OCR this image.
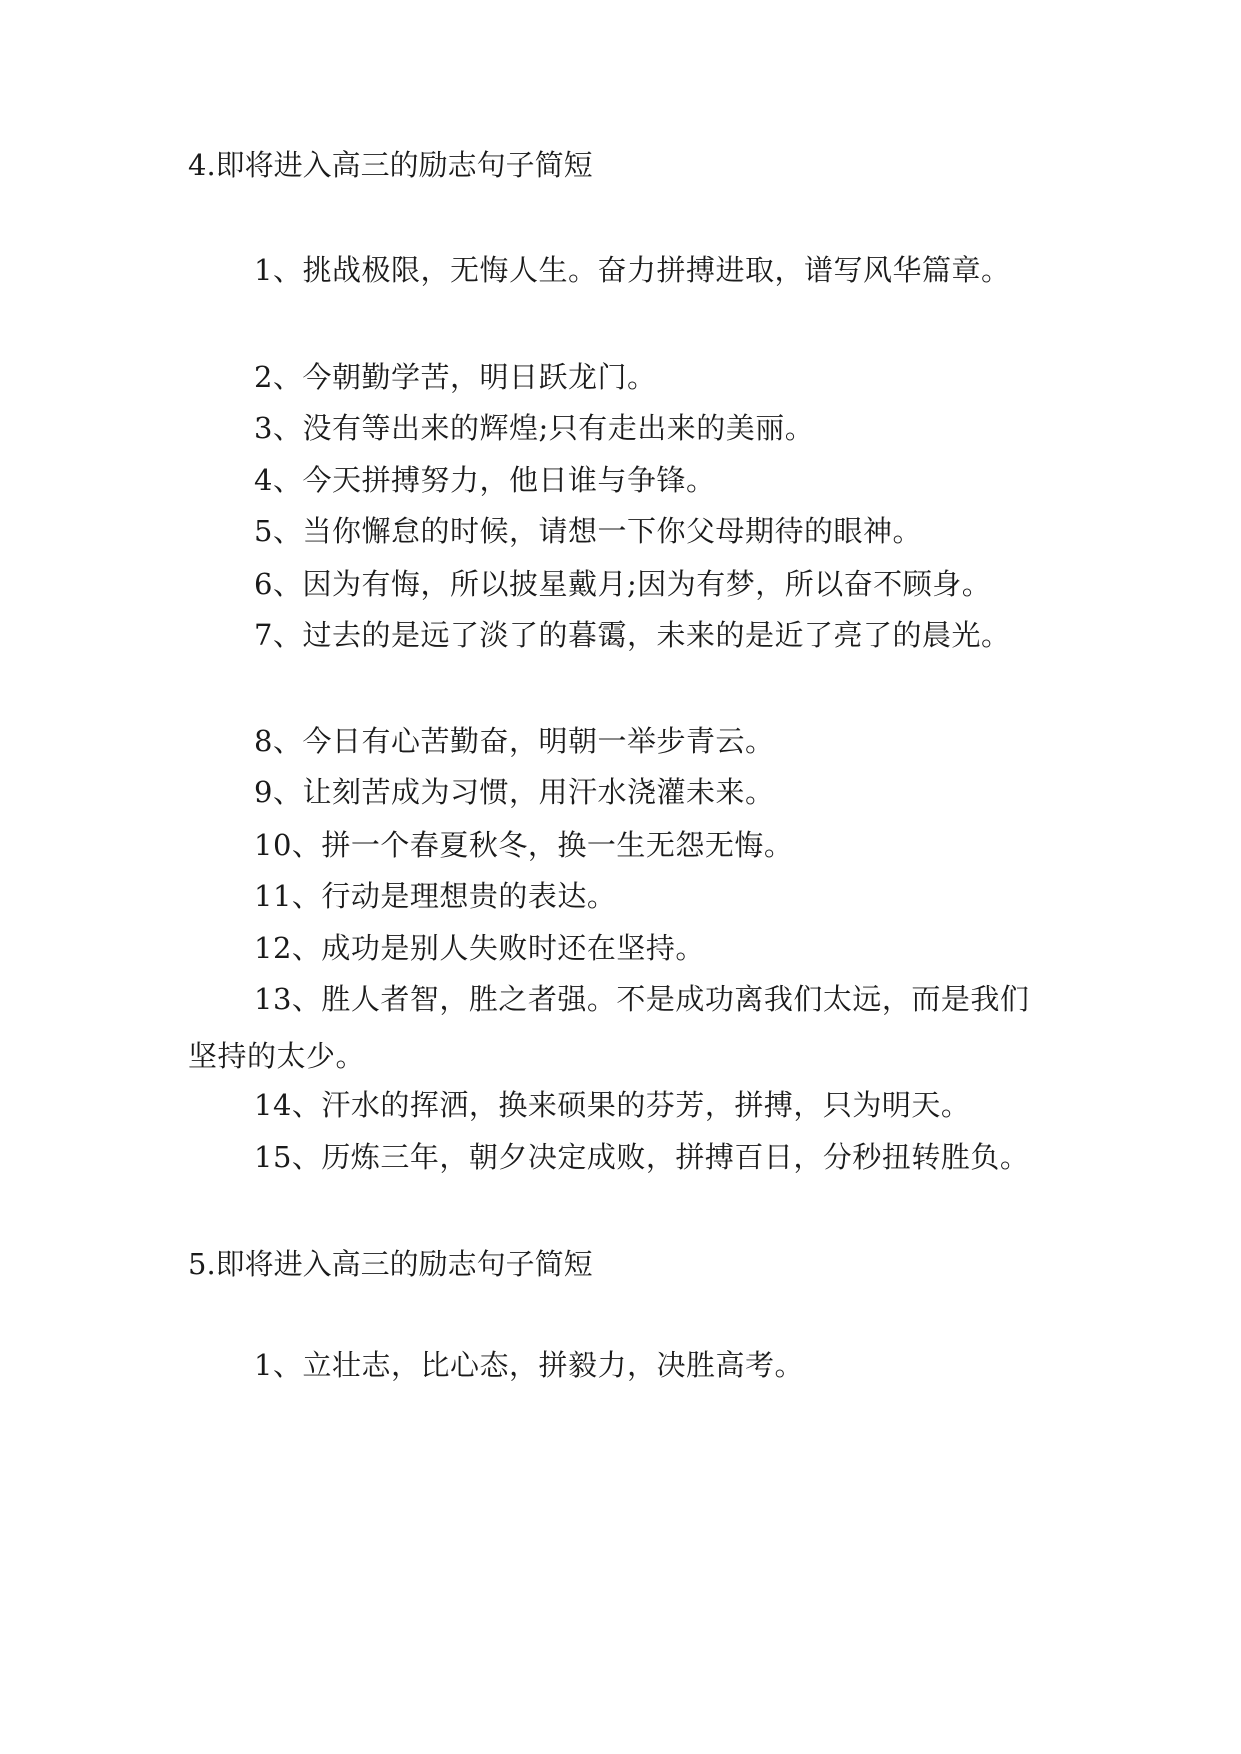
4.即将进入高三的励志句子简短
1、挑战极限，无悔人生。奋力拼搏进取，谱写风华篇章。
2、今朝勤学苦，明日跃龙门。
3、没有等出来的辉煌;只有走出来的美丽。
4、今天拼搏努力，他日谁与争锋。
5、当你懈怠的时候，请想一下你父母期待的眼神。
6、因为有悔，所以披星戴月;因为有梦，所以奋不顾身。
7、过去的是远了淡了的暮霭，未来的是近了亮了的晨光。
8、今日有心苦勤奋，明朝一举步青云。
9、让刻苦成为习惯，用汗水浇灌未来。
10、拼一个春夏秋冬，换一生无怨无悔。
11、行动是理想贵的表达。
12、成功是别人失败时还在坚持。
13、胜人者智，胜之者强。不是成功离我们太远，而是我们坚持的太少。
14、汗水的挥洒，换来硕果的芬芳，拼搏，只为明天。
15、历炼三年，朝夕决定成败，拼搏百日，分秒扭转胜负。
5.即将进入高三的励志句子简短
1、立壮志，比心态，拼毅力，决胜高考。
